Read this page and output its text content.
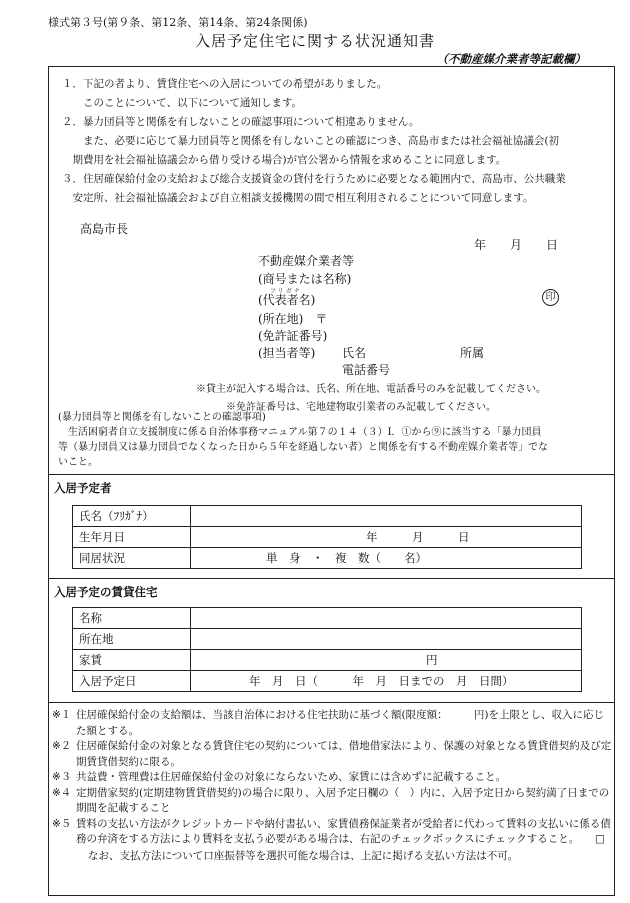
様式第３号(第９条、第12条、第14条、第24条関係)
入居予定住宅に関する状況通知書
（不動産媒介業者等記載欄）
１．下記の者より、賃貸住宅への入居についての希望がありました。
　　このことについて、以下について通知します。
２．暴力団員等と関係を有しないことの確認事項について相違ありません。
　　また、必要に応じて暴力団員等と関係を有しないことの確認につき、高島市または社会福祉協議会(初
　期費用を社会福祉協議会から借り受ける場合)が官公署から情報を求めることに同意します。
３．住居確保給付金の支給および総合支援資金の貸付を行うために必要となる範囲内で、高島市、公共職業
　安定所、社会福祉協議会および自立相談支援機関の間で相互利用されることについて同意します。
高島市長
年　　月　　日
不動産媒介業者等
(商号または名称)
フリガナ
(代表者名)	印
(所在地)　〒
(免許証番号)
(担当者等) 氏名	所属
電話番号
※貸主が記入する場合は、氏名、所在地、電話番号のみを記載してください。
※免許証番号は、宅地建物取引業者のみ記載してください。
(暴力団員等と関係を有しないことの確認事項)
　生活困窮者自立支援制度に係る自治体事務マニュアル第７の１４（３）Ⅰ．①から⑨に該当する「暴力団員
等（暴力団員又は暴力団員でなくなった日から５年を経過しない者）と関係を有する不動産媒介業者等」でな
いこと。
入居予定者
氏名（ﾌﾘｶﾞﾅ）	
生年月日	年　　　月　　　日
同居状況	単　身　・　複　数（　　名）
入居予定の賃貸住宅
名称	
所在地	
家賃	円
入居予定日	年　月　日（　　　年　月　日までの　月　日間）
※１ 住居確保給付金の支給額は、当該自治体における住宅扶助に基づく額(限度額：　　　円)を上限とし、収入に応じた額とする。
※２ 住居確保給付金の対象となる賃貸住宅の契約については、借地借家法により、保護の対象となる賃貸借契約及び定期賃貸借契約に限る。
※３ 共益費・管理費は住居確保給付金の対象にならないため、家賃には含めずに記載すること。
※４ 定期借家契約(定期建物賃貸借契約)の場合に限り、入居予定日欄の（　）内に、入居予定日から契約満了日までの期間を記載すること
※５ 賃料の支払い方法がクレジットカードや納付書払い、家賃債務保証業者が受給者に代わって賃料の支払いに係る債務の弁済をする方法により賃料を支払う必要がある場合は、右記のチェックボックスにチェックすること。　　□
なお、支払方法について口座振替等を選択可能な場合は、上記に掲げる支払い方法は不可。
